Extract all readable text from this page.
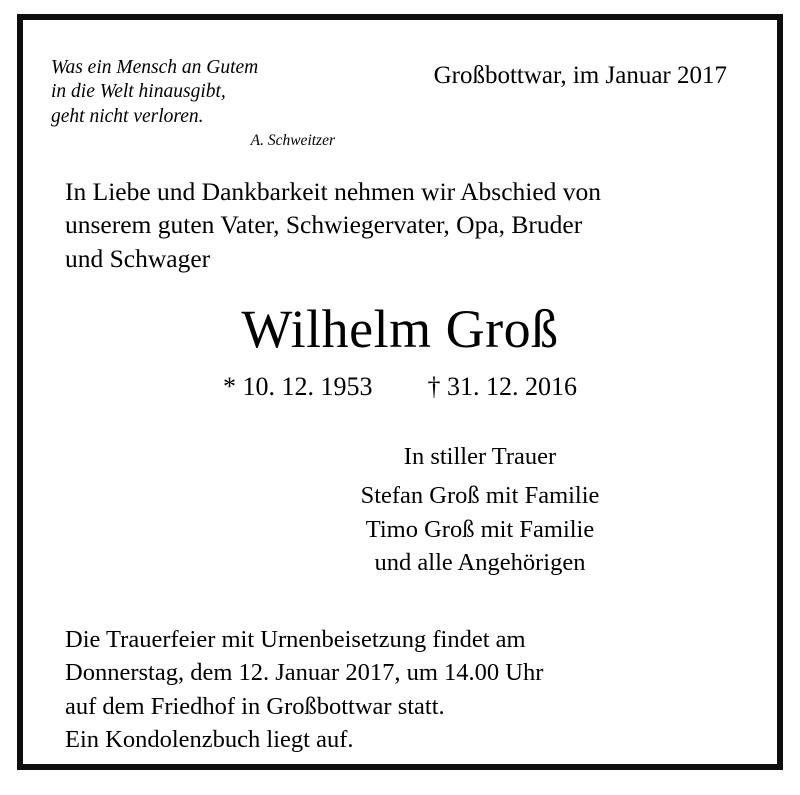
Was ein Mensch an Gutem
in die Welt hinausgibt,
geht nicht verloren.
A. Schweitzer
Großbottwar, im Januar 2017
In Liebe und Dankbarkeit nehmen wir Abschied von
unserem guten Vater, Schwiegervater, Opa, Bruder
und Schwager
Wilhelm Groß
* 10. 12. 1953 † 31. 12. 2016
In stiller Trauer
Stefan Groß mit Familie
Timo Groß mit Familie
und alle Angehörigen
Die Trauerfeier mit Urnenbeisetzung findet am
Donnerstag, dem 12. Januar 2017, um 14.00 Uhr
auf dem Friedhof in Großbottwar statt.
Ein Kondolenzbuch liegt auf.
